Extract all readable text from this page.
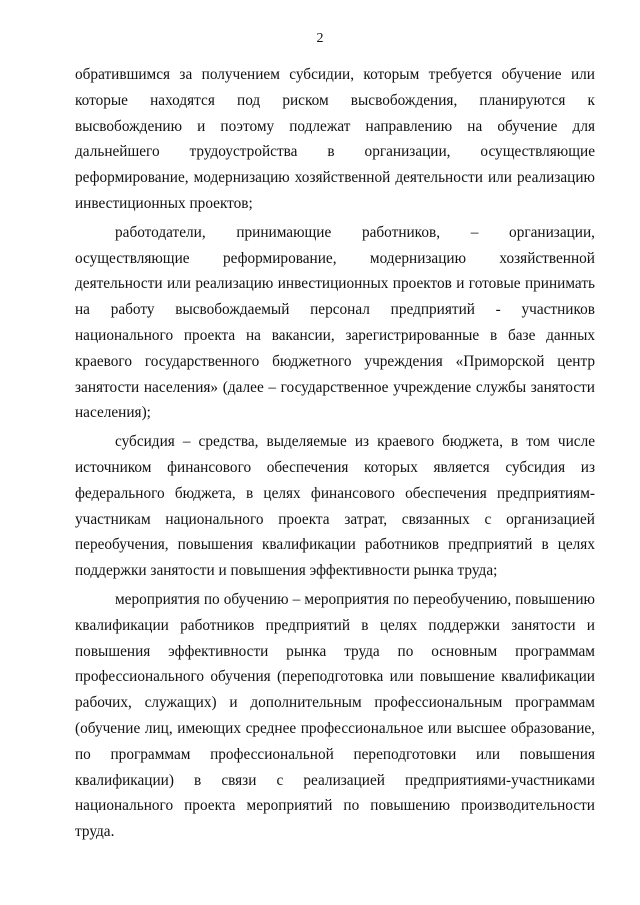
2

обратившимся за получением субсидии, которым требуется обучение или которые находятся под риском высвобождения, планируются к высвобождению и поэтому подлежат направлению на обучение для дальнейшего трудоустройства в организации, осуществляющие реформирование, модернизацию хозяйственной деятельности или реализацию инвестиционных проектов;

работодатели, принимающие работников, – организации, осуществляющие реформирование, модернизацию хозяйственной деятельности или реализацию инвестиционных проектов и готовые принимать на работу высвобождаемый персонал предприятий - участников национального проекта на вакансии, зарегистрированные в базе данных краевого государственного бюджетного учреждения «Приморской центр занятости населения» (далее – государственное учреждение службы занятости населения);

субсидия – средства, выделяемые из краевого бюджета, в том числе источником финансового обеспечения которых является субсидия из федерального бюджета, в целях финансового обеспечения предприятиям-участникам национального проекта затрат, связанных с организацией переобучения, повышения квалификации работников предприятий в целях поддержки занятости и повышения эффективности рынка труда;

мероприятия по обучению – мероприятия по переобучению, повышению квалификации работников предприятий в целях поддержки занятости и повышения эффективности рынка труда по основным программам профессионального обучения (переподготовка или повышение квалификации рабочих, служащих) и дополнительным профессиональным программам (обучение лиц, имеющих среднее профессиональное или высшее образование, по программам профессиональной переподготовки или повышения квалификации) в связи с реализацией предприятиями-участниками национального проекта мероприятий по повышению производительности труда.
